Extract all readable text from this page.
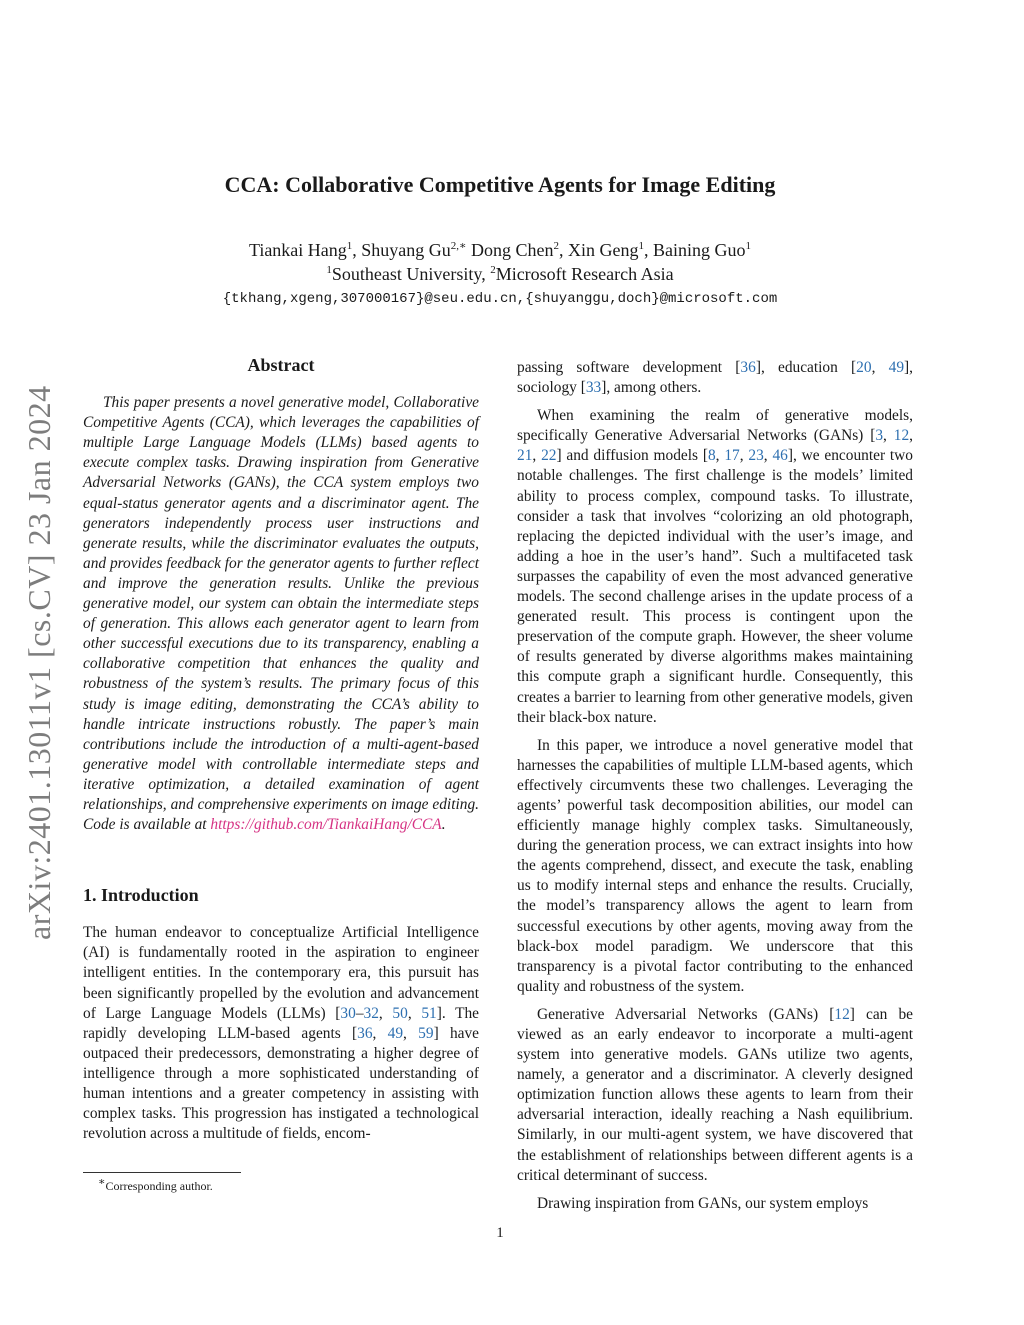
arXiv:2401.13011v1 [cs.CV] 23 Jan 2024
CCA: Collaborative Competitive Agents for Image Editing
Tiankai Hang$^1$, Shuyang $Gu^{2,∗}$ Dong Chen$^2$, Xin Geng$^1$, Baining Guo$^1$
$^1$Southeast University, $^2$Microsoft Research Asia
{tkhang,xgeng,307000167}@seu.edu.cn,{shuyanggu,doch}@microsoft.com
Abstract

This paper presents a novel generative model, Collaborative Competitive Agents (CCA), which leverages the capabilities of multiple Large Language Models (LLMs) based agents to execute complex tasks. Drawing inspiration from Generative Adversarial Networks (GANs), the CCA system employs two equal-status generator agents and a discriminator agent. The generators independently process user instructions and generate results, while the discriminator evaluates the outputs, and provides feedback for the generator agents to further reflect and improve the generation results. Unlike the previous generative model, our system can obtain the intermediate steps of generation. This allows each generator agent to learn from other successful executions due to its transparency, enabling a collaborative competition that enhances the quality and robustness of the system’s results. The primary focus of this study is image editing, demonstrating the CCA’s ability to handle intricate instructions robustly. The paper’s main contributions include the introduction of a multi-agent-based generative model with controllable intermediate steps and iterative optimization, a detailed examination of agent relationships, and comprehensive experiments on image editing. Code is available at https://github.com/TiankaiHang/CCA.

1. Introduction

The human endeavor to conceptualize Artificial Intelligence (AI) is fundamentally rooted in the aspiration to engineer intelligent entities. In the contemporary era, this pursuit has been significantly propelled by the evolution and advancement of Large Language Models (LLMs) [30–32, 50, 51]. The rapidly developing LLM-based agents [36, 49, 59] have outpaced their predecessors, demonstrating a higher degree of intelligence through a more sophisticated understanding of human intentions and a greater competency in assisting with complex tasks. This progression has instigated a technological revolution across a multitude of fields, encom-

passing software development [36], education [20, 49], sociology [33], among others.

When examining the realm of generative models, specifically Generative Adversarial Networks (GANs) [3, 12, 21, 22] and diffusion models [8, 17, 23, 46], we encounter two notable challenges. The first challenge is the models’ limited ability to process complex, compound tasks. To illustrate, consider a task that involves “colorizing an old photograph, replacing the depicted individual with the user’s image, and adding a hoe in the user’s hand”. Such a multifaceted task surpasses the capability of even the most advanced generative models. The second challenge arises in the update process of a generated result. This process is contingent upon the preservation of the compute graph. However, the sheer volume of results generated by diverse algorithms makes maintaining this compute graph a significant hurdle. Consequently, this creates a barrier to learning from other generative models, given their black-box nature.

In this paper, we introduce a novel generative model that harnesses the capabilities of multiple LLM-based agents, which effectively circumvents these two challenges. Leveraging the agents’ powerful task decomposition abilities, our model can efficiently manage highly complex tasks. Simultaneously, during the generation process, we can extract insights into how the agents comprehend, dissect, and execute the task, enabling us to modify internal steps and enhance the results. Crucially, the model’s transparency allows the agent to learn from successful executions by other agents, moving away from the black-box model paradigm. We underscore that this transparency is a pivotal factor contributing to the enhanced quality and robustness of the system.

Generative Adversarial Networks (GANs) [12] can be viewed as an early endeavor to incorporate a multi-agent system into generative models. GANs utilize two agents, namely, a generator and a discriminator. A cleverly designed optimization function allows these agents to learn from their adversarial interaction, ideally reaching a Nash equilibrium. Similarly, in our multi-agent system, we have discovered that the establishment of relationships between different agents is a critical determinant of success.

Drawing inspiration from GANs, our system employs

∗Corresponding author.
1
